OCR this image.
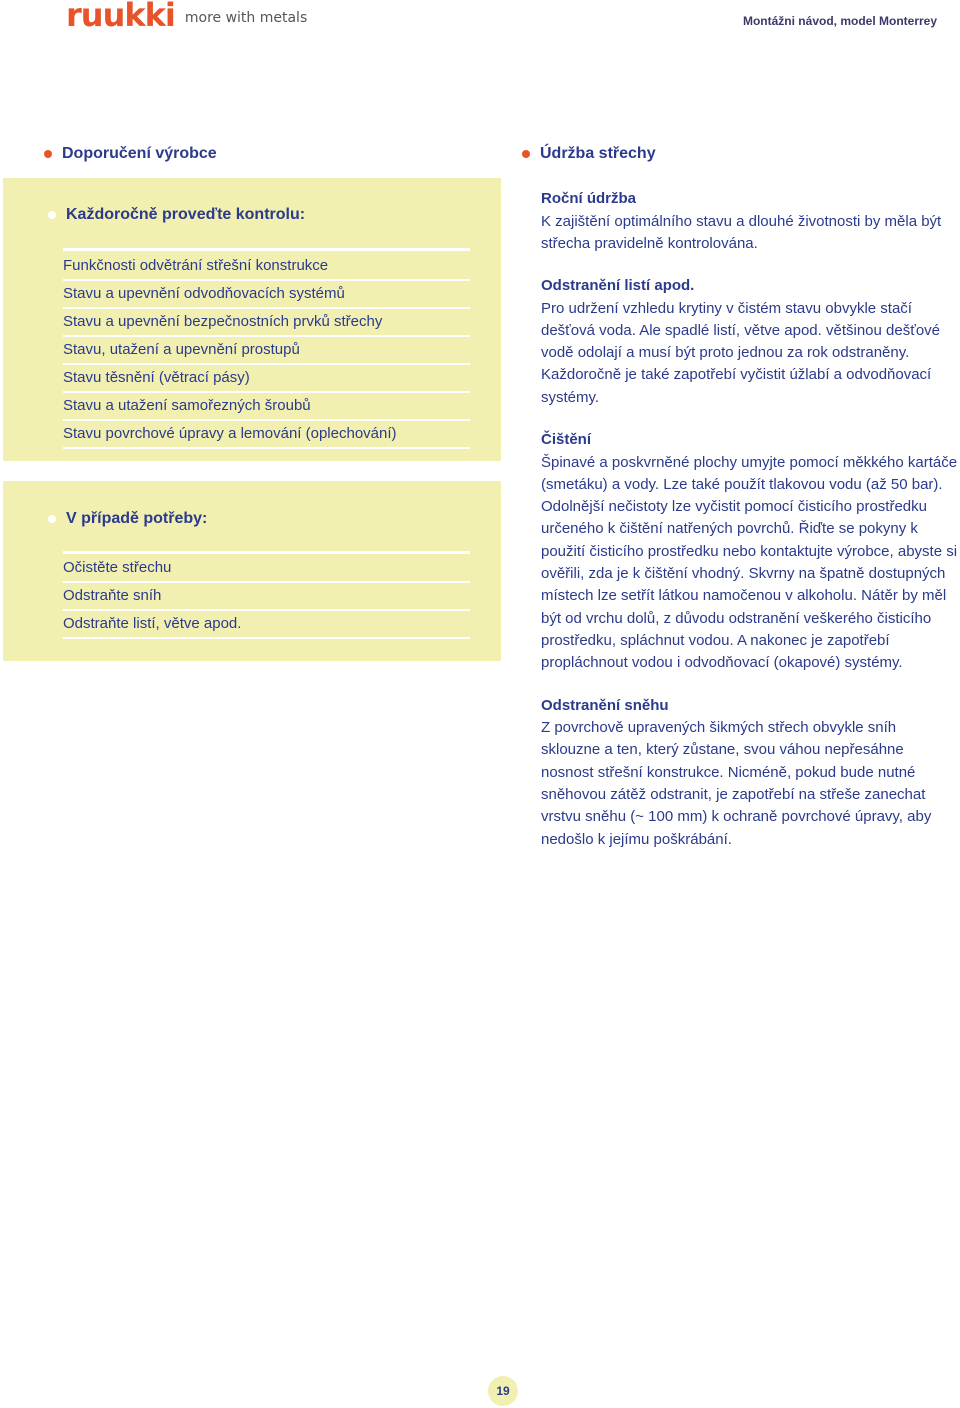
ruukki more with metals	Montážni návod, model Monterrey
Doporučení výrobce
Každoročně proveďte kontrolu:
Funkčnosti odvětrání střešní konstrukce
Stavu a upevnění odvodňovacích systémů
Stavu a upevnění bezpečnostních prvků střechy
Stavu, utažení a upevnění prostupů
Stavu těsnění (větrací pásy)
Stavu a utažení samořezných šroubů
Stavu povrchové úpravy a lemování (oplechování)
V případě potřeby:
Očistěte střechu
Odstraňte sníh
Odstraňte listí, větve apod.
Údržba střechy
Roční údržba
K zajištění optimálního stavu a dlouhé životnosti by měla být střecha pravidelně kontrolována.
Odstranění listí apod.
Pro udržení vzhledu krytiny v čistém stavu obvykle stačí dešťová voda. Ale spadlé listí, větve apod. většinou dešťové vodě odolají a musí být proto jednou za rok odstraněny. Každoročně je také zapotřebí vyčistit úžlabí a odvodňovací systémy.
Čištění
Špinavé a poskvrněné plochy umyjte pomocí měkkého kartáče (smetáku) a vody. Lze také použít tlakovou vodu (až 50 bar). Odolnější nečistoty lze vyčistit pomocí čisticího prostředku určeného k čištění natřených povrchů. Řiďte se pokyny k použití čisticího prostředku nebo kontaktujte výrobce, abyste si ověřili, zda je k čištění vhodný. Skvrny na špatně dostupných místech lze setřít látkou namočenou v alkoholu. Nátěr by měl být od vrchu dolů, z důvodu odstranění veškerého čisticího prostředku, spláchnut vodou. A nakonec je zapotřebí propláchnout vodou i odvodňovací (okapové) systémy.
Odstranění sněhu
Z povrchově upravených šikmých střech obvykle sníh sklouzne a ten, který zůstane, svou váhou nepřesáhne nosnost střešní konstrukce. Nicméně, pokud bude nutné sněhovou zátěž odstranit, je zapotřebí na střeše zanechat vrstvu sněhu (~ 100 mm) k ochraně povrchové úpravy, aby nedošlo k jejímu poškrábání.
19
